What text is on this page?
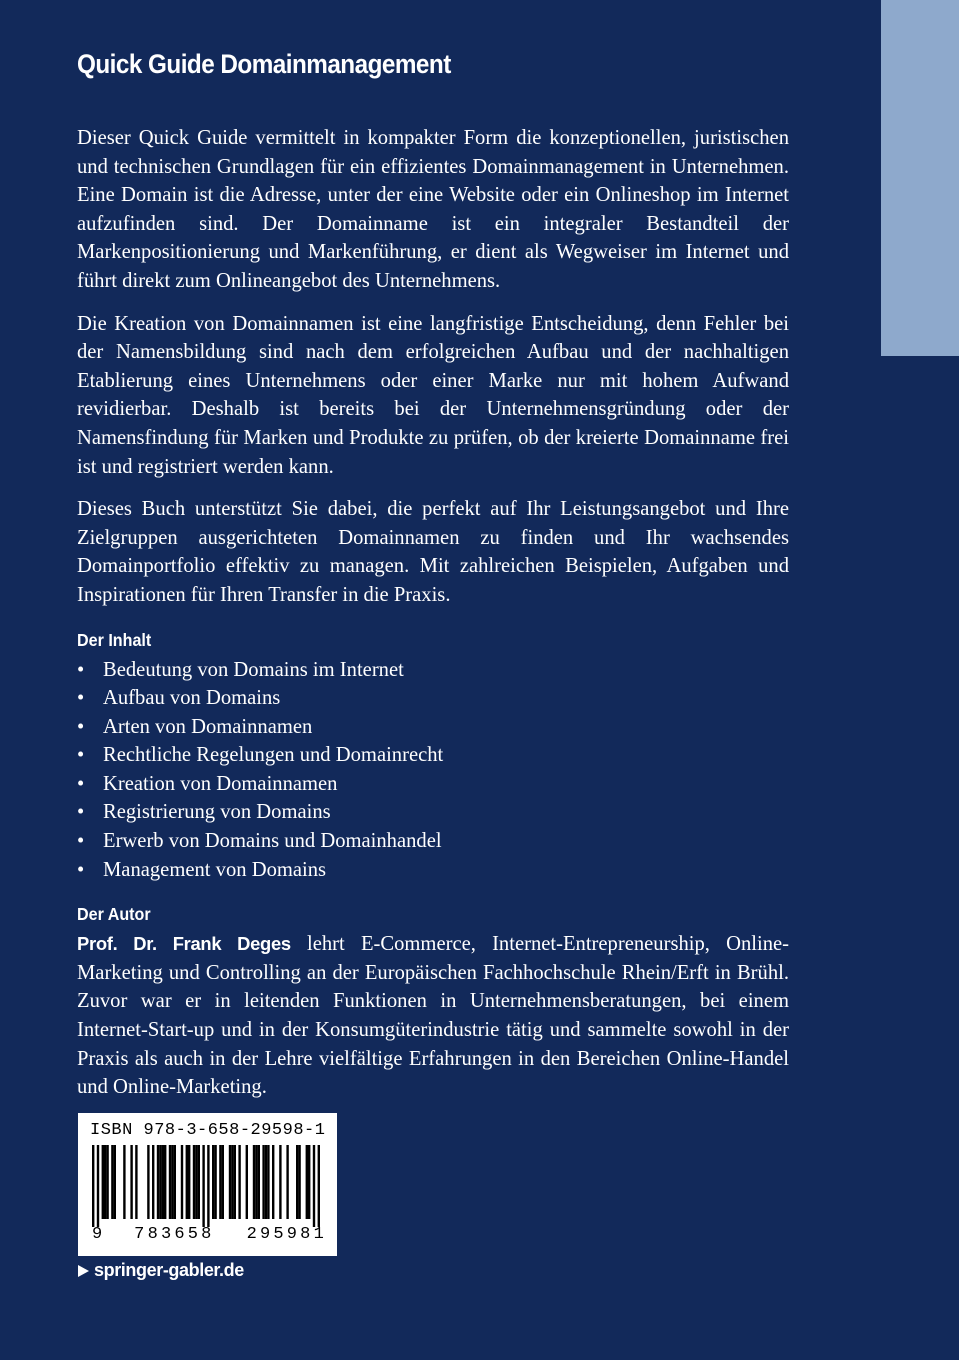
Quick Guide Domainmanagement

Dieser Quick Guide vermittelt in kompakter Form die konzeptionellen, juristischen und technischen Grundlagen für ein effizientes Domainmanagement in Unternehmen. Eine Domain ist die Adresse, unter der eine Website oder ein Onlineshop im Internet aufzufinden sind. Der Domainname ist ein integraler Bestandteil der Markenpositionierung und Markenführung, er dient als Wegweiser im Internet und führt direkt zum Onlineangebot des Unternehmens.

Die Kreation von Domainnamen ist eine langfristige Entscheidung, denn Fehler bei der Namensbildung sind nach dem erfolgreichen Aufbau und der nachhaltigen Etablierung eines Unternehmens oder einer Marke nur mit hohem Aufwand revidierbar. Deshalb ist bereits bei der Unternehmensgründung oder der Namensfindung für Marken und Produkte zu prüfen, ob der kreierte Domainname frei ist und registriert werden kann.

Dieses Buch unterstützt Sie dabei, die perfekt auf Ihr Leistungsangebot und Ihre Zielgruppen ausgerichteten Domainnamen zu finden und Ihr wachsendes Domainportfolio effektiv zu managen. Mit zahlreichen Beispielen, Aufgaben und Inspirationen für Ihren Transfer in die Praxis.

Der Inhalt
• Bedeutung von Domains im Internet
• Aufbau von Domains
• Arten von Domainnamen
• Rechtliche Regelungen und Domainrecht
• Kreation von Domainnamen
• Registrierung von Domains
• Erwerb von Domains und Domainhandel
• Management von Domains
Der Autor

Prof. Dr. Frank Deges lehrt E-Commerce, Internet-Entrepreneurship, Online-Marketing und Controlling an der Europäischen Fachhochschule Rhein/Erft in Brühl. Zuvor war er in leitenden Funktionen in Unternehmensberatungen, bei einem Internet-Start-up und in der Konsumgüterindustrie tätig und sammelte sowohl in der Praxis als auch in der Lehre vielfältige Erfahrungen in den Bereichen Online-Handel und Online-Marketing.

ISBN 978-3-658-29598-1
9 783658 295981
springer-gabler.de
